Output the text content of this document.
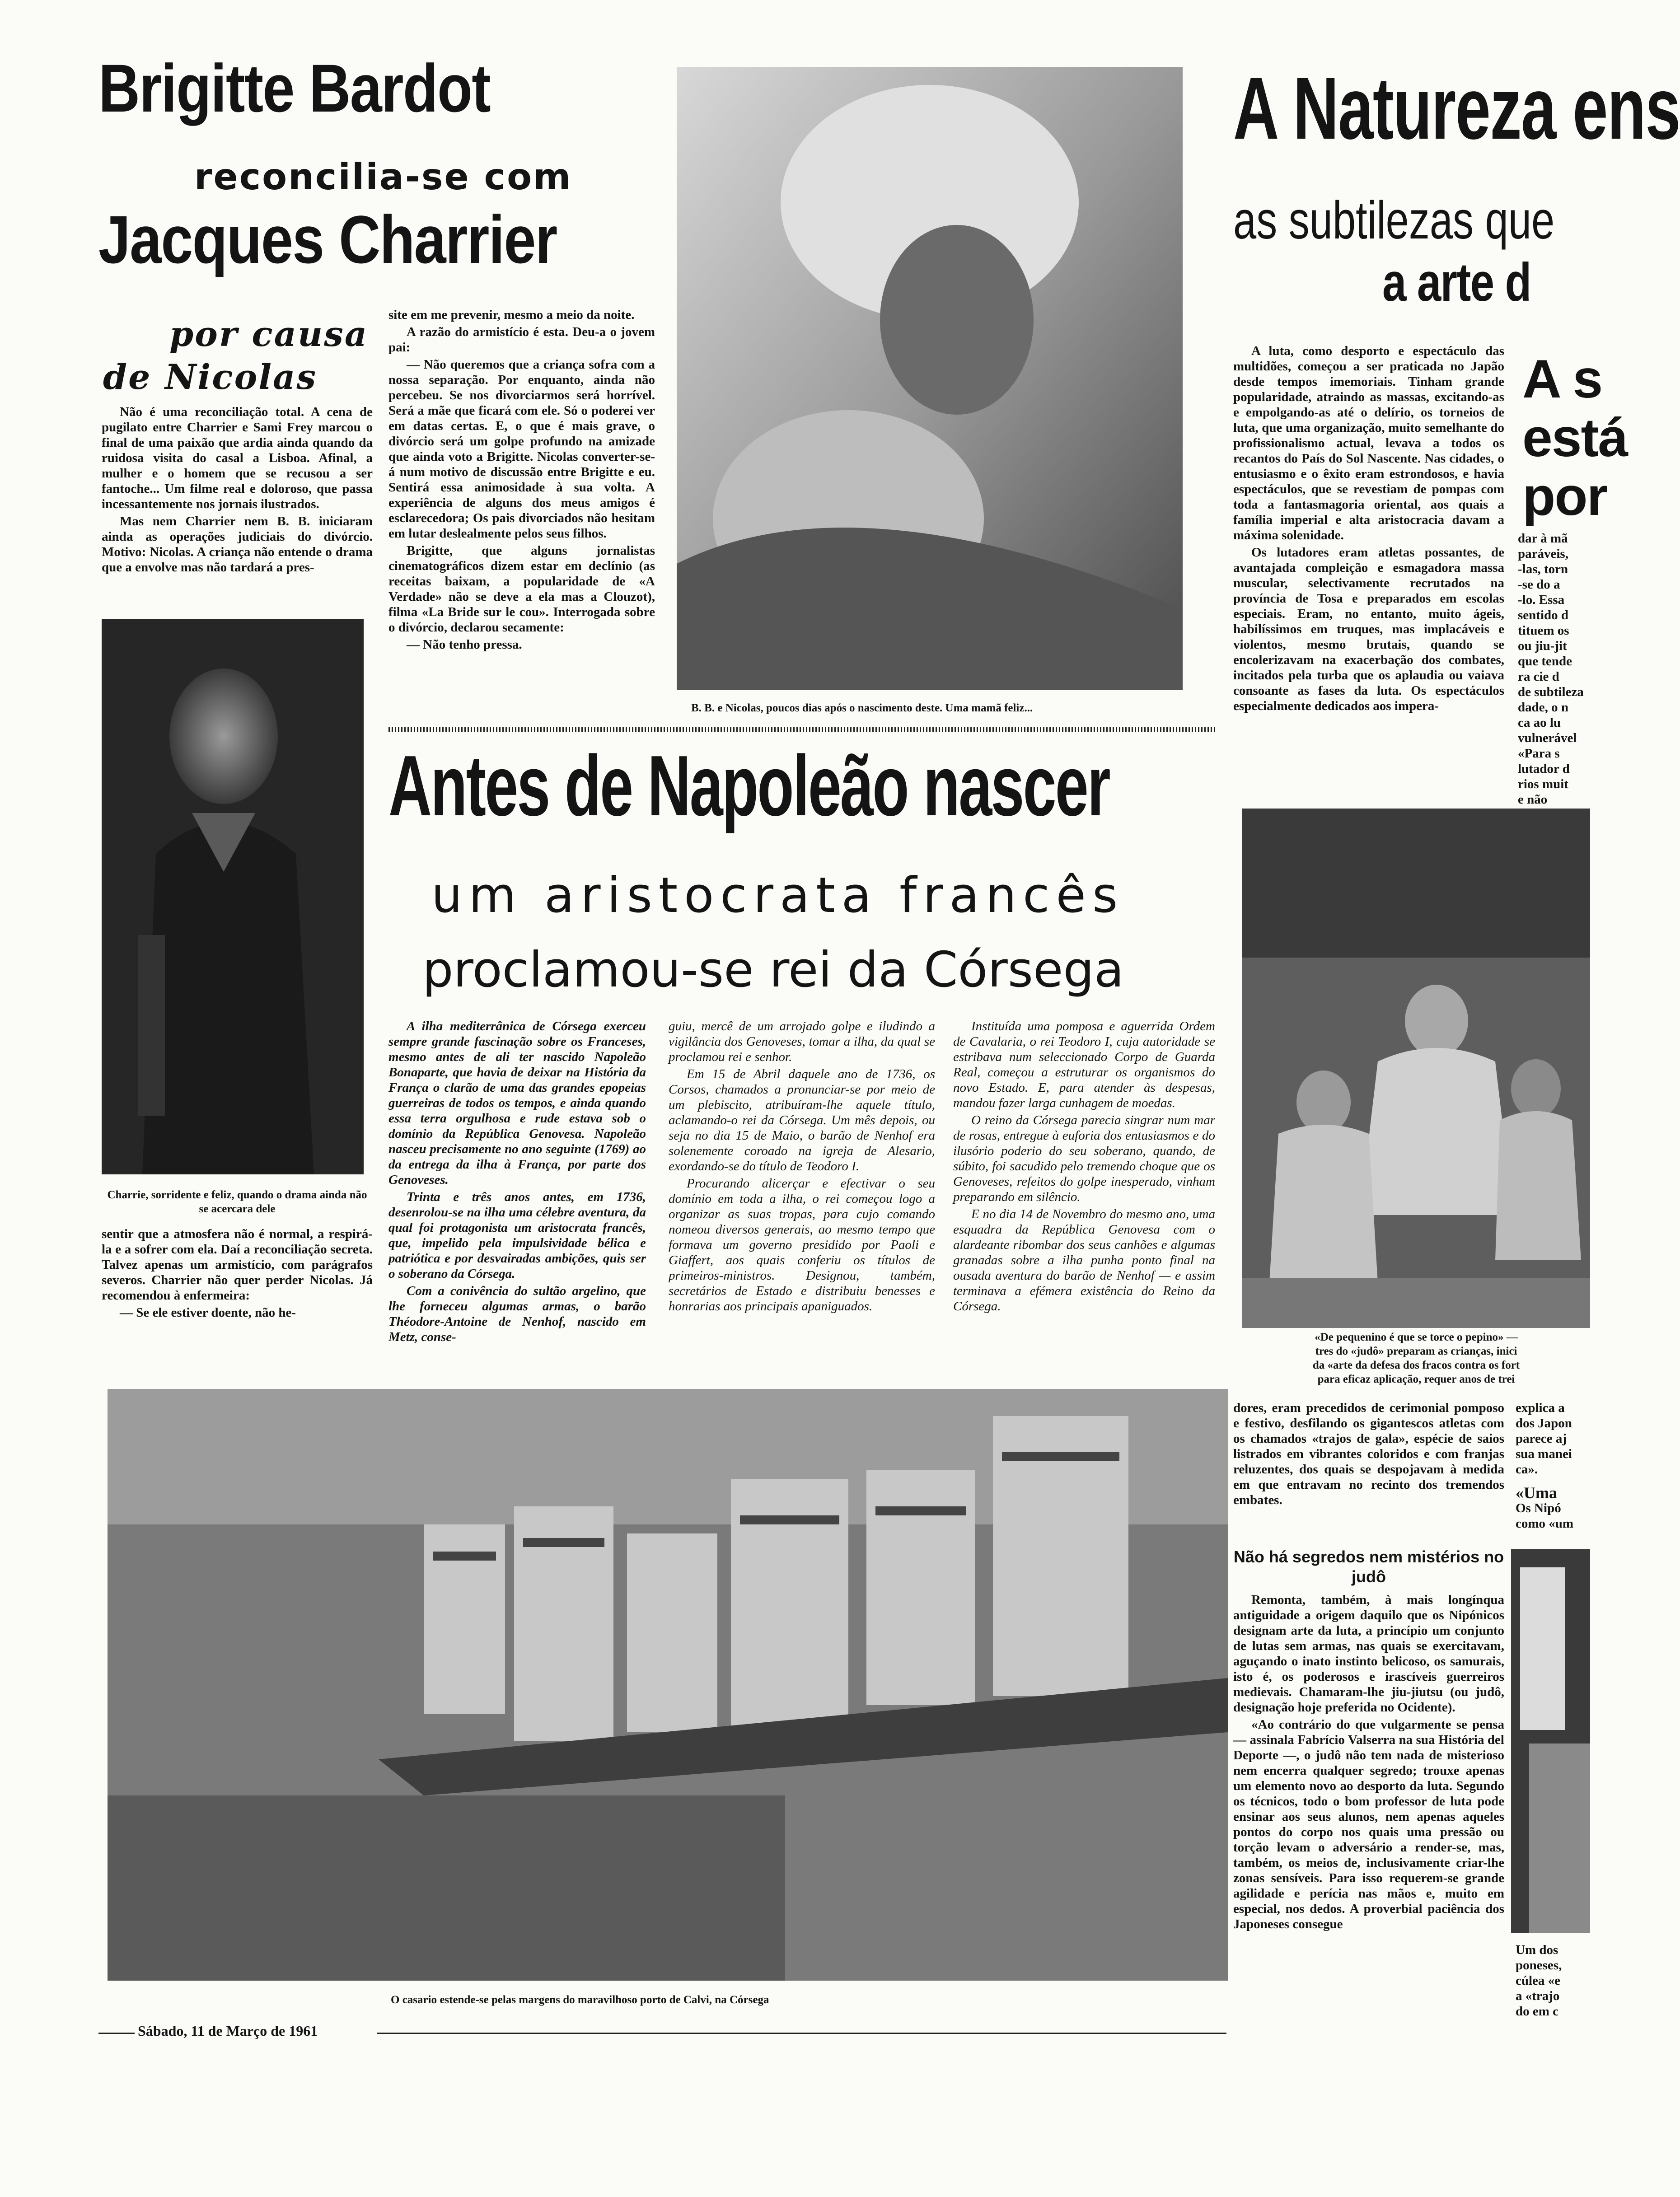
Brigitte Bardot
reconcilia-se com
Jacques Charrier
por causa
de Nicolas

Não é uma reconciliação total. A cena de pugilato entre Charrier e Sami Frey marcou o final de uma paixão que ardia ainda quando da ruidosa visita do casal a Lisboa. Afinal, a mulher e o homem que se recusou a ser fantoche... Um filme real e doloroso, que passa incessantemente nos jornais ilustrados.

Mas nem Charrier nem B. B. iniciaram ainda as operações judiciais do divórcio. Motivo: Nicolas. A criança não entende o drama que a envolve mas não tardará a pres-

site em me prevenir, mesmo a meio da noite.

A razão do armistício é esta. Deu-a o jovem pai:

— Não queremos que a criança sofra com a nossa separação. Por enquanto, ainda não percebeu. Se nos divorciarmos será horrível. Será a mãe que ficará com ele. Só o poderei ver em datas certas. E, o que é mais grave, o divórcio será um golpe profundo na amizade que ainda voto a Brigitte. Nicolas converter-se-á num motivo de discussão entre Brigitte e eu. Sentirá essa animosidade à sua volta. A experiência de alguns dos meus amigos é esclarecedora; Os pais divorciados não hesitam em lutar deslealmente pelos seus filhos.

Brigitte, que alguns jornalistas cinematográficos dizem estar em declínio (as receitas baixam, a popularidade de «A Verdade» não se deve a ela mas a Clouzot), filma «La Bride sur le cou». Interrogada sobre o divórcio, declarou secamente:

— Não tenho pressa.

Charrie, sorridente e feliz, quando o drama ainda não se acercara dele

sentir que a atmosfera não é normal, a respirá-la e a sofrer com ela. Daí a reconciliação secreta. Talvez apenas um armistício, com parágrafos severos. Charrier não quer perder Nicolas. Já recomendou à enfermeira:

— Se ele estiver doente, não he-

B. B. e Nicolas, poucos dias após o nascimento deste. Uma mamã feliz...
Antes de Napoleão nascer
um aristocrata francês
proclamou-se rei da Córsega

A ilha mediterrânica de Córsega exerceu sempre grande fascinação sobre os Franceses, mesmo antes de ali ter nascido Napoleão Bonaparte, que havia de deixar na História da França o clarão de uma das grandes epopeias guerreiras de todos os tempos, e ainda quando essa terra orgulhosa e rude estava sob o domínio da República Genovesa. Napoleão nasceu precisamente no ano seguinte (1769) ao da entrega da ilha à França, por parte dos Genoveses.

Trinta e três anos antes, em 1736, desenrolou-se na ilha uma célebre aventura, da qual foi protagonista um aristocrata francês, que, impelido pela impulsividade bélica e patriótica e por desvairadas ambições, quis ser o soberano da Córsega.

Com a conivência do sultão argelino, que lhe forneceu algumas armas, o barão Théodore-Antoine de Nenhof, nascido em Metz, conse-

guiu, mercê de um arrojado golpe e iludindo a vigilância dos Genoveses, tomar a ilha, da qual se proclamou rei e senhor.

Em 15 de Abril daquele ano de 1736, os Corsos, chamados a pronunciar-se por meio de um plebiscito, atribuíram-lhe aquele título, aclamando-o rei da Córsega. Um mês depois, ou seja no dia 15 de Maio, o barão de Nenhof era solenemente coroado na igreja de Alesario, exordando-se do título de Teodoro I.

Procurando alicerçar e efectivar o seu domínio em toda a ilha, o rei começou logo a organizar as suas tropas, para cujo comando nomeou diversos generais, ao mesmo tempo que formava um governo presidido por Paoli e Giaffert, aos quais conferiu os títulos de primeiros-ministros. Designou, também, secretários de Estado e distribuiu benesses e honrarias aos principais apaniguados.

Instituída uma pomposa e aguerrida Ordem de Cavalaria, o rei Teodoro I, cuja autoridade se estribava num seleccionado Corpo de Guarda Real, começou a estruturar os organismos do novo Estado. E, para atender às despesas, mandou fazer larga cunhagem de moedas.

O reino da Córsega parecia singrar num mar de rosas, entregue à euforia dos entusiasmos e do ilusório poderio do seu soberano, quando, de súbito, foi sacudido pelo tremendo choque que os Genoveses, refeitos do golpe inesperado, vinham preparando em silêncio.

E no dia 14 de Novembro do mesmo ano, uma esquadra da República Genovesa com o alardeante ribombar dos seus canhões e algumas granadas sobre a ilha punha ponto final na ousada aventura do barão de Nenhof — e assim terminava a efémera existência do Reino da Córsega.

O casario estende-se pelas margens do maravilhoso porto de Calvi, na Córsega
Sábado, 11 de Março de 1961
A Natureza ens
as subtilezas que
a arte d

A luta, como desporto e espectáculo das multidões, começou a ser praticada no Japão desde tempos imemoriais. Tinham grande popularidade, atraindo as massas, excitando-as e empolgando-as até o delírio, os torneios de luta, que uma organização, muito semelhante do profissionalismo actual, levava a todos os recantos do País do Sol Nascente. Nas cidades, o entusiasmo e o êxito eram estrondosos, e havia espectáculos, que se revestiam de pompas com toda a fantasmagoria oriental, aos quais a família imperial e alta aristocracia davam a máxima solenidade.

Os lutadores eram atletas possantes, de avantajada compleição e esmagadora massa muscular, selectivamente recrutados na província de Tosa e preparados em escolas especiais. Eram, no entanto, muito ágeis, habilíssimos em truques, mas implacáveis e violentos, mesmo brutais, quando se encolerizavam na exacerbação dos combates, incitados pela turba que os aplaudia ou vaiava consoante as fases da luta. Os espectáculos especialmente dedicados aos impera-

A s
está
por
dar à mã
paráveis,
-las, torn
-se do a
-lo. Essa
sentido d
tituem os
ou jiu-jit
que tende
ra cie d
de subtileza
dade, o n
ca ao lu
vulnerável
«Para s
lutador d
rios muit
e não
«De pequenino é que se torce o pepino» —
tres do «judô» preparam as crianças, inici
da «arte da defesa dos fracos contra os fort
para eficaz aplicação, requer anos de trei

dores, eram precedidos de cerimonial pomposo e festivo, desfilando os gigantescos atletas com os chamados «trajos de gala», espécie de saios listrados em vibrantes coloridos e com franjas reluzentes, dos quais se despojavam à medida em que entravam no recinto dos tremendos embates.

Não há segredos nem mistérios no judô

Remonta, também, à mais longínqua antiguidade a origem daquilo que os Nipónicos designam arte da luta, a princípio um conjunto de lutas sem armas, nas quais se exercitavam, aguçando o inato instinto belicoso, os samurais, isto é, os poderosos e irascíveis guerreiros medievais. Chamaram-lhe jiu-jiutsu (ou judô, designação hoje preferida no Ocidente).

«Ao contrário do que vulgarmente se pensa — assinala Fabrício Valserra na sua História del Deporte —, o judô não tem nada de misterioso nem encerra qualquer segredo; trouxe apenas um elemento novo ao desporto da luta. Segundo os técnicos, todo o bom professor de luta pode ensinar aos seus alunos, nem apenas aqueles pontos do corpo nos quais uma pressão ou torção levam o adversário a render-se, mas, também, os meios de, inclusivamente criar-lhe zonas sensíveis. Para isso requerem-se grande agilidade e perícia nas mãos e, muito em especial, nos dedos. A proverbial paciência dos Japoneses consegue

explica a
dos Japon
parece aj
sua manei
ca».
«Uma
Os Nipó
como «um
Um dos
poneses,
cúlea «e
a «trajo
do em c
